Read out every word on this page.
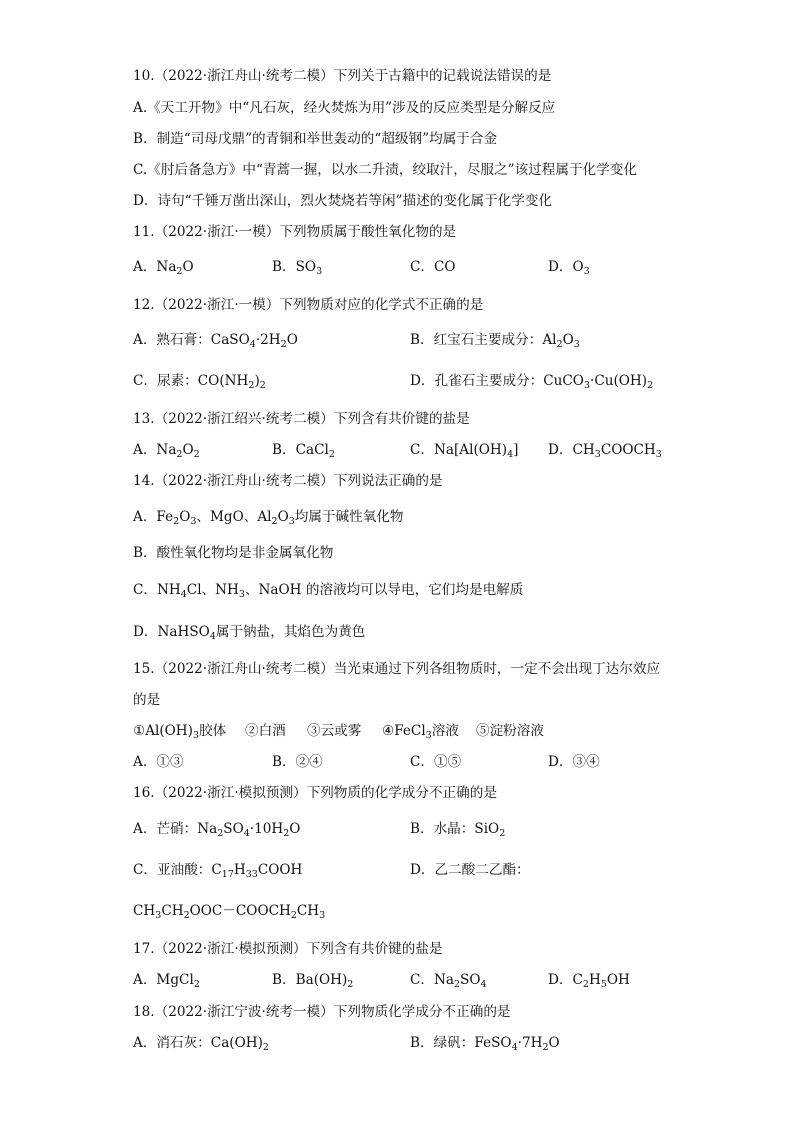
10.（2022·浙江舟山·统考二模）下列关于古籍中的记载说法错误的是
A.《天工开物》中“凡石灰，经火焚炼为用”涉及的反应类型是分解反应
B．制造“司母戊鼎”的青铜和举世轰动的“超级钢”均属于合金
C.《肘后备急方》中“青蒿一握，以水二升渍，绞取汁，尽服之”该过程属于化学变化
D．诗句“千锤万凿出深山，烈火焚烧若等闲”描述的变化属于化学变化
11.（2022·浙江·一模）下列物质属于酸性氧化物的是
A．$Na_2O$	B．$SO_3$	C．CO	D．$O_3$
12.（2022·浙江·一模）下列物质对应的化学式不正确的是
A．熟石膏：$CaSO_4\cdot 2H_2O$	B．红宝石主要成分：$Al_2O_3$
C．尿素：$CO(NH_2)_2$	D．孔雀石主要成分：$CuCO_3\cdot Cu(OH)_2$
13.（2022·浙江绍兴·统考二模）下列含有共价键的盐是
A．$Na_2O_2$	B．CaCl$_2$	C．$Na[Al(OH)_4]$ D．$CH_3COOCH_3$
14.（2022·浙江舟山·统考二模）下列说法正确的是
A．$Fe_2O_3$、MgO、$Al_2O_3$均属于碱性氧化物
B．酸性氧化物均是非金属氧化物
C．$NH_4Cl$、$NH_3$、NaOH 的溶液均可以导电，它们均是电解质
D．NaHSO$_4$属于钠盐，其焰色为黄色
15.（2022·浙江舟山·统考二模）当光束通过下列各组物质时，一定不会出现丁达尔效应
的是
$①Al(OH)_3$胶体 ②白酒 ③云或雾 ④FeCl$_3$溶液 ⑤淀粉溶液
A．①③	B．②④	C．①⑤	D．③④
16.（2022·浙江·模拟预测）下列物质的化学成分不正确的是
A．芒硝：$Na_2SO_4\cdot 10H_2O$	B．水晶：SiO$_2$
C．亚油酸：$C_{17}H_{33}COOH$	D．乙二酸二乙酯：
$CH_3CH_2OOC-COOCH_2CH_3$
17.（2022·浙江·模拟预测）下列含有共价键的盐是
A．MgCl$_2$	B．$Ba(OH)_2$	C．$Na_2SO_4$	D．$C_2H_5OH$
18.（2022·浙江宁波·统考一模）下列物质化学成分不正确的是
A．消石灰：$Ca(OH)_2$	B．绿矾：$FeSO_4\cdot 7H_2O$
